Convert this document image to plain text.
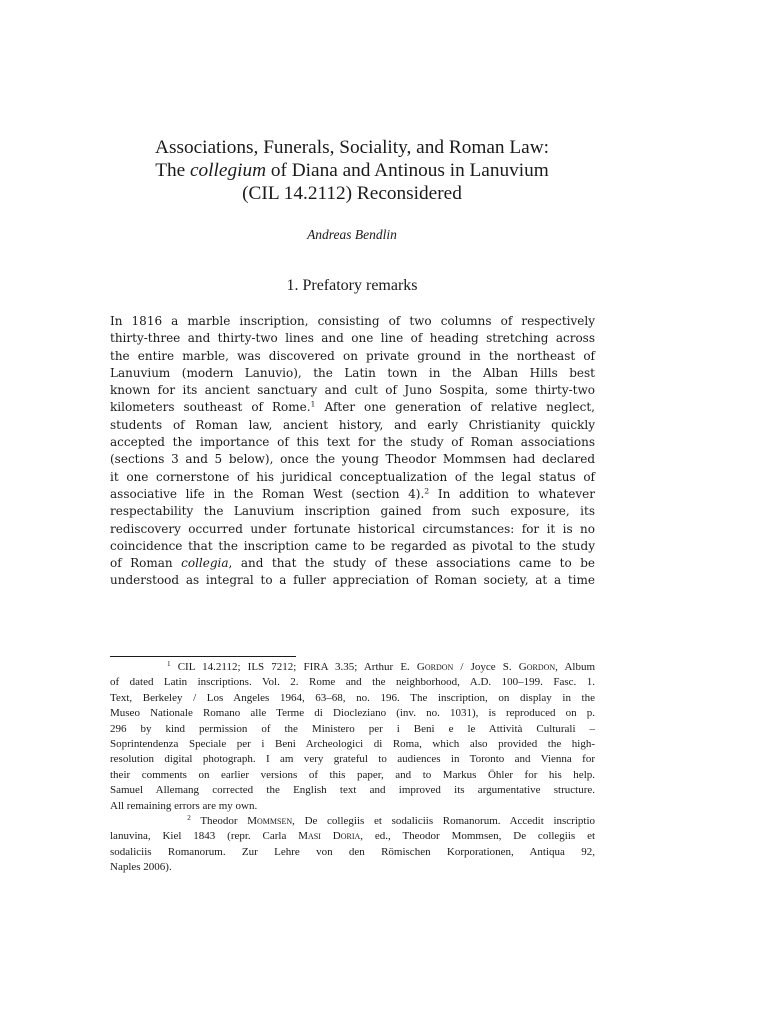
Associations, Funerals, Sociality, and Roman Law:
The collegium of Diana and Antinous in Lanuvium
(CIL 14.2112) Reconsidered
Andreas Bendlin
1. Prefatory remarks
In 1816 a marble inscription, consisting of two columns of respectively
thirty-three and thirty-two lines and one line of heading stretching across
the entire marble, was discovered on private ground in the northeast of
Lanuvium (modern Lanuvio), the Latin town in the Alban Hills best
known for its ancient sanctuary and cult of Juno Sospita, some thirty-two
kilometers southeast of Rome.$^1$ After one generation of relative neglect,
students of Roman law, ancient history, and early Christianity quickly
accepted the importance of this text for the study of Roman associations
(sections 3 and 5 below), once the young Theodor Mommsen had declared
it one cornerstone of his juridical conceptualization of the legal status of
associative life in the Roman West (section 4).$^2$ In addition to whatever
respectability the Lanuvium inscription gained from such exposure, its
rediscovery occurred under fortunate historical circumstances: for it is no
coincidence that the inscription came to be regarded as pivotal to the study
of Roman collegia, and that the study of these associations came to be
understood as integral to a fuller appreciation of Roman society, at a time
$^1$ CIL 14.2112; ILS 7212; FIRA 3.35; Arthur E. Gordon / Joyce S. Gordon, Album
of dated Latin inscriptions. Vol. 2. Rome and the neighborhood, A.D. 100–199. Fasc. 1.
Text, Berkeley / Los Angeles 1964, 63–68, no. 196. The inscription, on display in the
Museo Nationale Romano alle Terme di Diocleziano (inv. no. 1031), is reproduced on p.
296 by kind permission of the Ministero per i Beni e le Attività Culturali –
Soprintendenza Speciale per i Beni Archeologici di Roma, which also provided the high-
resolution digital photograph. I am very grateful to audiences in Toronto and Vienna for
their comments on earlier versions of this paper, and to Markus Öhler for his help.
Samuel Allemang corrected the English text and improved its argumentative structure.
All remaining errors are my own.
$^2$ Theodor Mommsen, De collegiis et sodaliciis Romanorum. Accedit inscriptio
lanuvina, Kiel 1843 (repr. Carla Masi Doria, ed., Theodor Mommsen, De collegiis et
sodaliciis Romanorum. Zur Lehre von den Römischen Korporationen, Antiqua 92,
Naples 2006).
